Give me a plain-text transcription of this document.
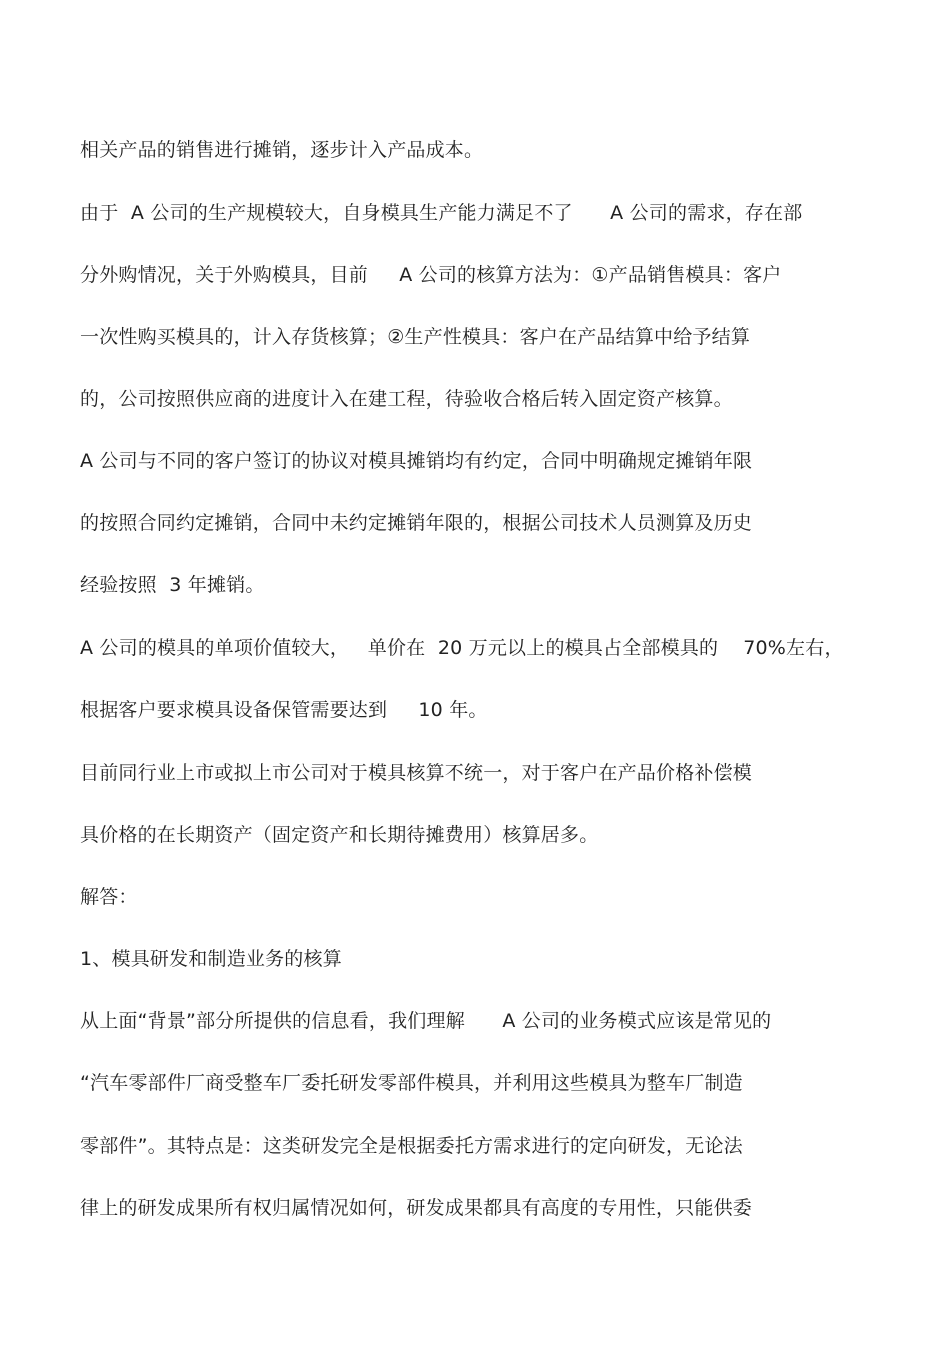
相关产品的销售进行摊销，逐步计入产品成本。
由于  A 公司的生产规模较大，自身模具生产能力满足不了      A 公司的需求，存在部
分外购情况，关于外购模具，目前     A 公司的核算方法为：①产品销售模具：客户
一次性购买模具的，计入存货核算；②生产性模具：客户在产品结算中给予结算
的，公司按照供应商的进度计入在建工程，待验收合格后转入固定资产核算。
A 公司与不同的客户签订的协议对模具摊销均有约定，合同中明确规定摊销年限
的按照合同约定摊销，合同中未约定摊销年限的，根据公司技术人员测算及历史
经验按照  3 年摊销。
A 公司的模具的单项价值较大，   单价在  20 万元以上的模具占全部模具的    70%左右，
根据客户要求模具设备保管需要达到     10 年。
目前同行业上市或拟上市公司对于模具核算不统一，对于客户在产品价格补偿模
具价格的在长期资产（固定资产和长期待摊费用）核算居多。
解答：
1、模具研发和制造业务的核算
从上面“背景”部分所提供的信息看，我们理解      A 公司的业务模式应该是常见的
“汽车零部件厂商受整车厂委托研发零部件模具，并利用这些模具为整车厂制造
零部件”。其特点是：这类研发完全是根据委托方需求进行的定向研发，无论法
律上的研发成果所有权归属情况如何，研发成果都具有高度的专用性，只能供委
